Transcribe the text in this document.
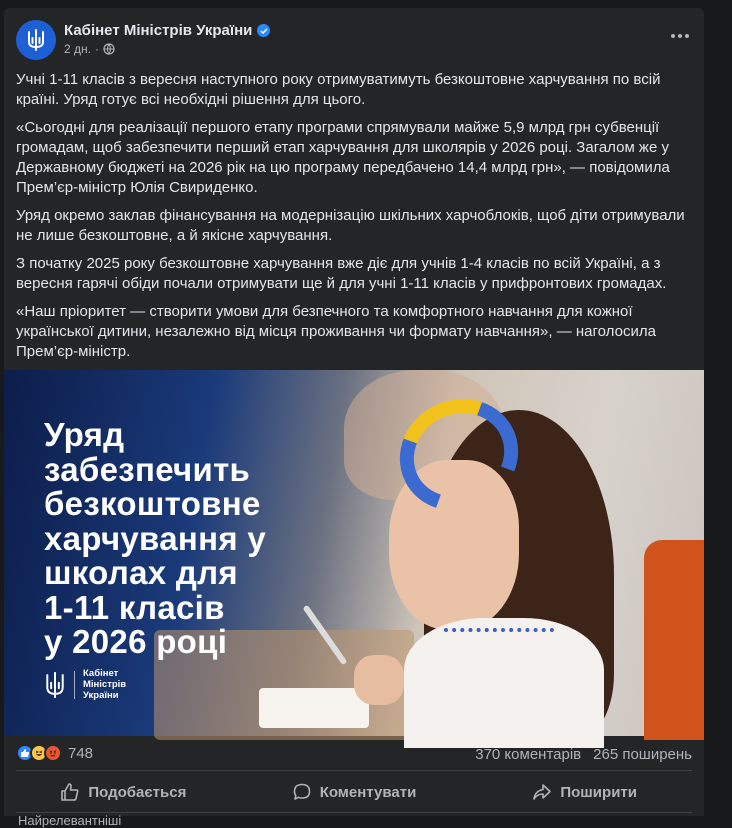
Кабінет Міністрів України
2 дн. ·

Учні 1-11 класів з вересня наступного року отримуватимуть безкоштовне харчування по всій країні. Уряд готує всі необхідні рішення для цього.

«Сьогодні для реалізації першого етапу програми спрямували майже 5,9 млрд грн субвенції громадам, щоб забезпечити перший етап харчування для школярів у 2026 році. Загалом же у Державному бюджеті на 2026 рік на цю програму передбачено 14,4 млрд грн», — повідомила Прем’єр-міністр Юлія Свириденко.

Уряд окремо заклав фінансування на модернізацію шкільних харчоблоків, щоб діти отримували не лише безкоштовне, а й якісне харчування.

З початку 2025 року безкоштовне харчування вже діє для учнів 1-4 класів по всій Україні, а з вересня гарячі обіди почали отримувати ще й для учні 1-11 класів у прифронтових громадах.

«Наш пріоритет — створити умови для безпечного та комфортного навчання для кожної української дитини, незалежно від місця проживання чи формату навчання», — наголосила Прем’єр-міністр.

Уряд
забезпечить
безкоштовне
харчування у
школах для
1-11 класів
у 2026 році
Кабінет
Міністрів
України
748	370 коментарів 265 поширень
Подобається	Коментувати	Поширити
Найрелевантніші
